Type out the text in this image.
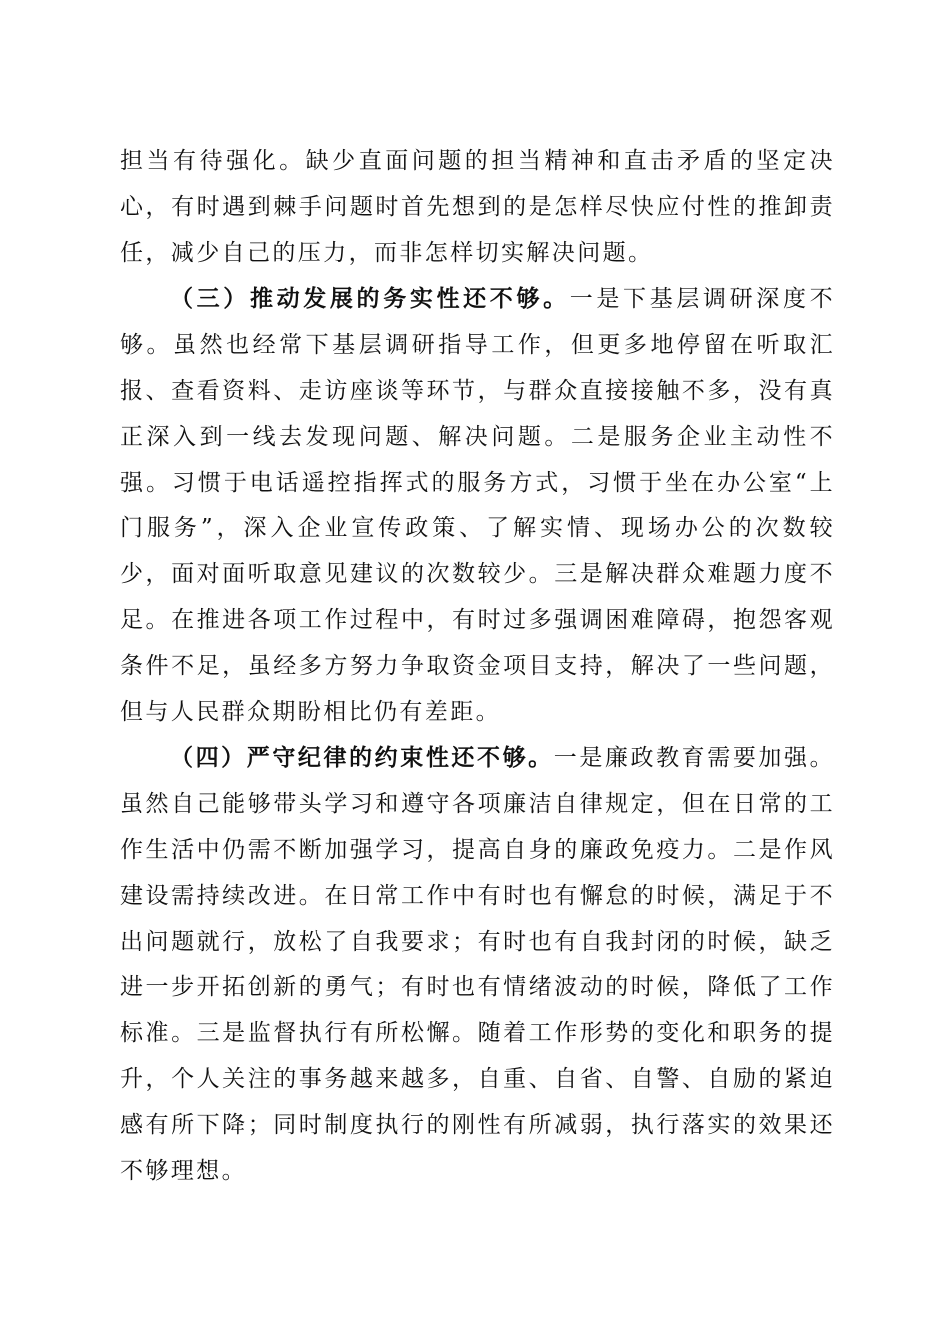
担当有待强化。缺少直面问题的担当精神和直击矛盾的坚定决心，有时遇到棘手问题时首先想到的是怎样尽快应付性的推卸责任，减少自己的压力，而非怎样切实解决问题。

（三）推动发展的务实性还不够。一是下基层调研深度不够。虽然也经常下基层调研指导工作，但更多地停留在听取汇报、查看资料、走访座谈等环节，与群众直接接触不多，没有真正深入到一线去发现问题、解决问题。二是服务企业主动性不强。习惯于电话遥控指挥式的服务方式，习惯于坐在办公室“上门服务”，深入企业宣传政策、了解实情、现场办公的次数较少，面对面听取意见建议的次数较少。三是解决群众难题力度不足。在推进各项工作过程中，有时过多强调困难障碍，抱怨客观条件不足，虽经多方努力争取资金项目支持，解决了一些问题，但与人民群众期盼相比仍有差距。

（四）严守纪律的约束性还不够。一是廉政教育需要加强。虽然自己能够带头学习和遵守各项廉洁自律规定，但在日常的工作生活中仍需不断加强学习，提高自身的廉政免疫力。二是作风建设需持续改进。在日常工作中有时也有懈怠的时候，满足于不出问题就行，放松了自我要求；有时也有自我封闭的时候，缺乏进一步开拓创新的勇气；有时也有情绪波动的时候，降低了工作标准。三是监督执行有所松懈。随着工作形势的变化和职务的提升，个人关注的事务越来越多，自重、自省、自警、自励的紧迫感有所下降；同时制度执行的刚性有所减弱，执行落实的效果还不够理想。
